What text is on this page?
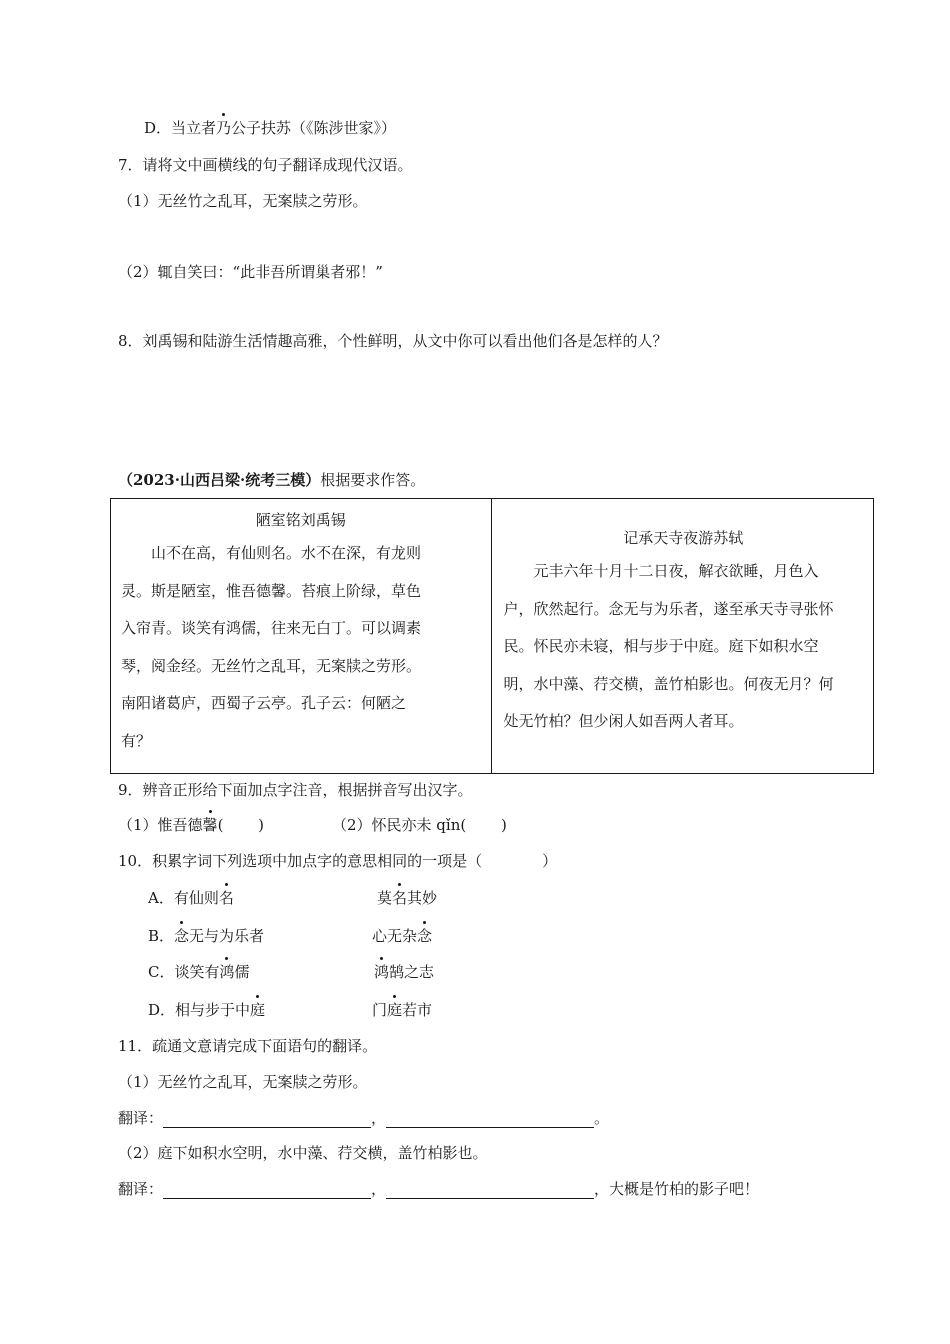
D．当立者乃公子扶苏（《陈涉世家》）
7．请将文中画横线的句子翻译成现代汉语。
（1）无丝竹之乱耳，无案牍之劳形。
（2）辄自笑曰：“此非吾所谓巢者邪！”
8．刘禹锡和陆游生活情趣高雅，个性鲜明，从文中你可以看出他们各是怎样的人？
（2023·山西吕梁·统考三模）根据要求作答。
陋室铭刘禹锡
山不在高，有仙则名。水不在深，有龙则
灵。斯是陋室，惟吾德馨。苔痕上阶绿，草色
入帘青。谈笑有鸿儒，往来无白丁。可以调素
琴，阅金经。无丝竹之乱耳，无案牍之劳形。
南阳诸葛庐，西蜀子云亭。孔子云：何陋之
有？

记承天寺夜游苏轼
元丰六年十月十二日夜，解衣欲睡，月色入
户，欣然起行。念无与为乐者，遂至承天寺寻张怀
民。怀民亦未寝，相与步于中庭。庭下如积水空
明，水中藻、荇交横，盖竹柏影也。何夜无月？何
处无竹柏？但少闲人如吾两人者耳。
9．辨音正形给下面加点字注音，根据拼音写出汉字。
（1）惟吾德馨(　　 )	（2）怀民亦未 qǐn(　　 )
10．积累字词下列选项中加点字的意思相同的一项是（　　　　）
A．有仙则名	莫名其妙
B．念无与为乐者	心无杂念
C．谈笑有鸿儒	鸿鹄之志
D．相与步于中庭	门庭若市
11．疏通文意请完成下面语句的翻译。
（1）无丝竹之乱耳，无案牍之劳形。
翻译：	，	。
（2）庭下如积水空明，水中藻、荇交横，盖竹柏影也。
翻译：	，	，大概是竹柏的影子吧！
